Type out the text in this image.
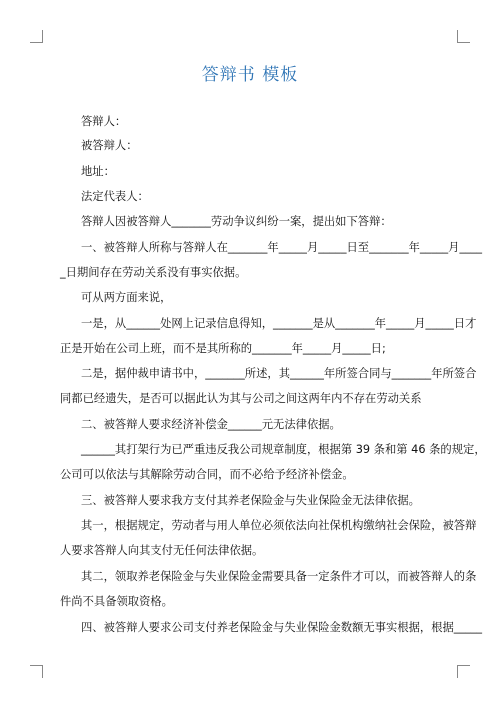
答辩书 模板

答辩人：

被答辩人：

地址：

法定代表人：

答辩人因被答辩人_______劳动争议纠纷一案，提出如下答辩：

一、被答辩人所称与答辩人在_______年_____月_____日至_______年_____月____

_日期间存在劳动关系没有事实依据。

可从两方面来说，

一是，从______处网上记录信息得知，_______是从_______年_____月_____日才

正是开始在公司上班，而不是其所称的_______年_____月_____日;

二是，据仲裁申请书中，_______所述，其______年所签合同与_______年所签合

同都已经遗失，是否可以据此认为其与公司之间这两年内不存在劳动关系

二、被答辩人要求经济补偿金______元无法律依据。

______其打架行为已严重违反我公司规章制度，根据第 39 条和第 46 条的规定，

公司可以依法与其解除劳动合同，而不必给予经济补偿金。

三、被答辩人要求我方支付其养老保险金与失业保险金无法律依据。

其一，根据规定，劳动者与用人单位必须依法向社保机构缴纳社会保险，被答辩

人要求答辩人向其支付无任何法律依据。

其二，领取养老保险金与失业保险金需要具备一定条件才可以，而被答辩人的条

件尚不具备领取资格。

四、被答辩人要求公司支付养老保险金与失业保险金数额无事实根据，根据_____
